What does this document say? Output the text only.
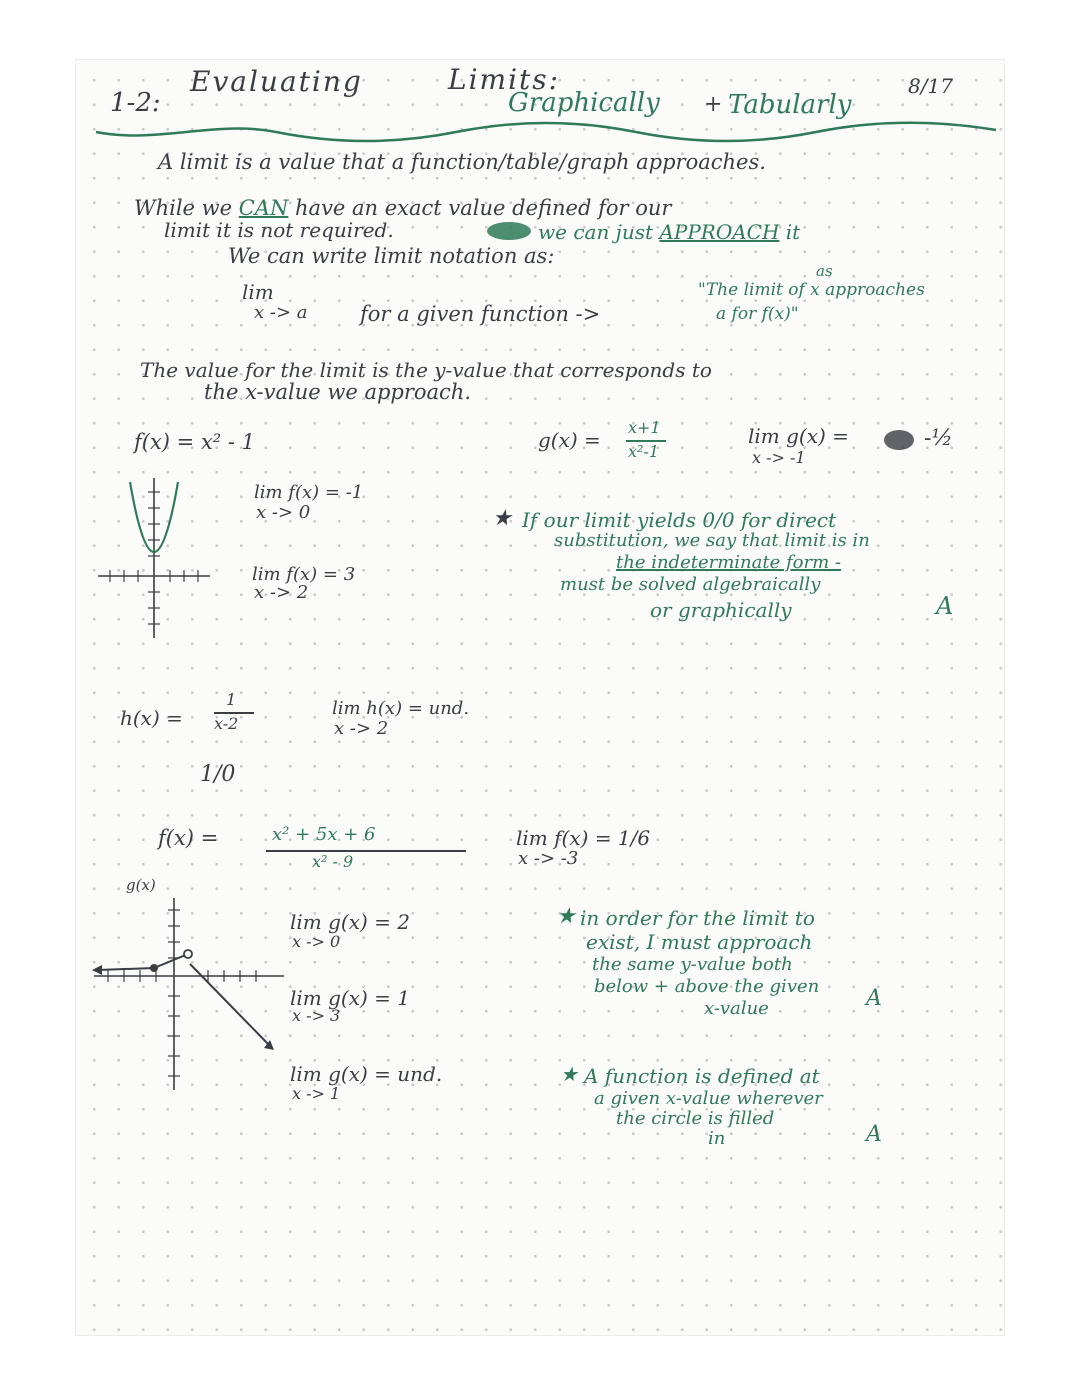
1-2:
Evaluating	Limits:
Graphically + Tabularly
8/17
A limit is a value that a function/table/graph approaches.
While we CAN have an exact value defined for our
limit it is not required.	we can just APPROACH it
We can write limit notation as:
lim
x -> a	for a given function ->
as
"The limit of x approaches
a for f(x)"
The value for the limit is the y-value that corresponds to
the x-value we approach.
f(x) = x² - 1
lim f(x) = -1
x -> 0
lim f(x) = 3
x -> 2
g(x) =
x+1
x²-1
lim g(x) =
x -> -1
-½
★ If our limit yields 0/0 for direct
substitution, we say that limit is in
the indeterminate form -
must be solved algebraically
or graphically	A
h(x) =
1
x-2
lim h(x) = und.
x -> 2
1/0
f(x) =	x² + 5x + 6
x² - 9
lim f(x) = 1/6
x -> -3
g(x)
lim g(x) = 2
x -> 0
lim g(x) = 1
x -> 3
lim g(x) = und.
x -> 1
★ in order for the limit to
exist, I must approach
the same y-value both
below + above the given
x-value	A
★ A function is defined at
a given x-value wherever
the circle is filled
in	A
